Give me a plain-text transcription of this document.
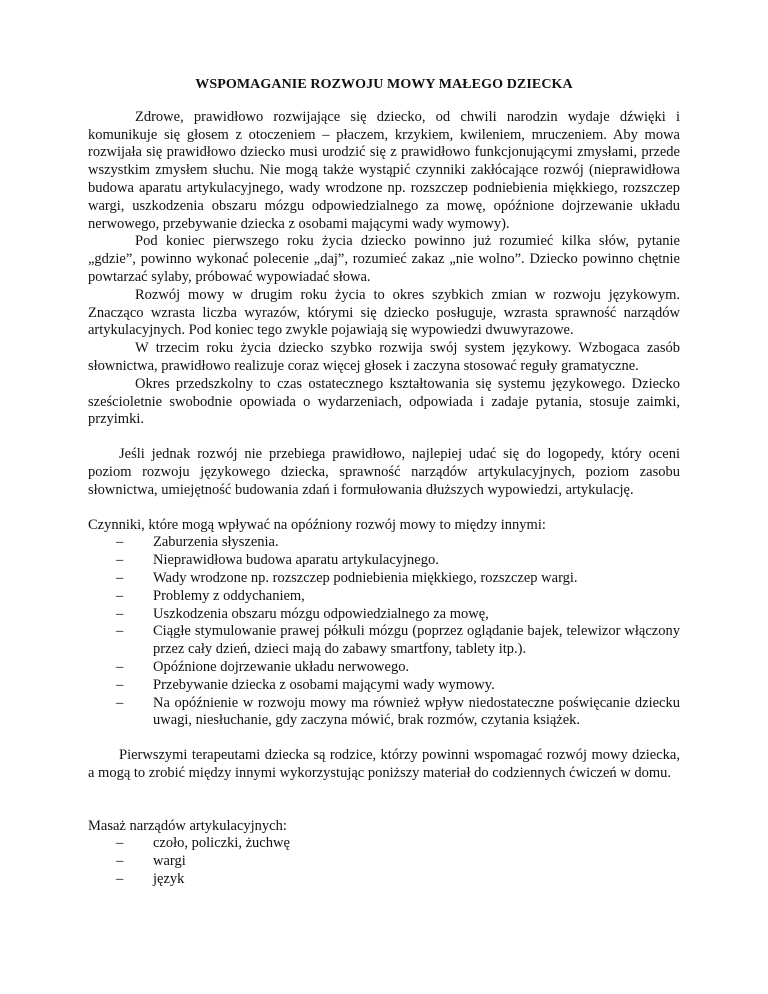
WSPOMAGANIE ROZWOJU MOWY MAŁEGO DZIECKA

Zdrowe, prawidłowo rozwijające się dziecko, od chwili narodzin wydaje dźwięki i komunikuje się głosem z otoczeniem – płaczem, krzykiem, kwileniem, mruczeniem. Aby mowa rozwijała się prawidłowo dziecko musi urodzić się z prawidłowo funkcjonującymi zmysłami, przede wszystkim zmysłem słuchu. Nie mogą także wystąpić czynniki zakłócające rozwój (nieprawidłowa budowa aparatu artykulacyjnego, wady wrodzone np. rozszczep podniebienia miękkiego, rozszczep wargi, uszkodzenia obszaru mózgu odpowiedzialnego za mowę, opóźnione dojrzewanie układu nerwowego, przebywanie dziecka z osobami mającymi wady wymowy).

Pod koniec pierwszego roku życia dziecko powinno już rozumieć kilka słów, pytanie „gdzie”, powinno wykonać polecenie „daj”, rozumieć zakaz „nie wolno”. Dziecko powinno chętnie powtarzać sylaby, próbować wypowiadać słowa.

Rozwój mowy w drugim roku życia to okres szybkich zmian w rozwoju językowym. Znacząco wzrasta liczba wyrazów, którymi się dziecko posługuje, wzrasta sprawność narządów artykulacyjnych. Pod koniec tego zwykle pojawiają się wypowiedzi dwuwyrazowe.

W trzecim roku życia dziecko szybko rozwija swój system językowy. Wzbogaca zasób słownictwa, prawidłowo realizuje coraz więcej głosek i zaczyna stosować reguły gramatyczne.

Okres przedszkolny to czas ostatecznego kształtowania się systemu językowego. Dziecko sześcioletnie swobodnie opowiada o wydarzeniach, odpowiada i zadaje pytania, stosuje zaimki, przyimki.

Jeśli jednak rozwój nie przebiega prawidłowo, najlepiej udać się do logopedy, który oceni poziom rozwoju językowego dziecka, sprawność narządów artykulacyjnych, poziom zasobu słownictwa, umiejętność budowania zdań i formułowania dłuższych wypowiedzi, artykulację.

Czynniki, które mogą wpływać na opóźniony rozwój mowy to między innymi:

–	Zaburzenia słyszenia.
–	Nieprawidłowa budowa aparatu artykulacyjnego.
–	Wady wrodzone np. rozszczep podniebienia miękkiego, rozszczep wargi.
–	Problemy z oddychaniem,
–	Uszkodzenia obszaru mózgu odpowiedzialnego za mowę,
–	Ciągłe stymulowanie prawej półkuli mózgu (poprzez oglądanie bajek, telewizor włączony przez cały dzień, dzieci mają do zabawy smartfony, tablety itp.).
–	Opóźnione dojrzewanie układu nerwowego.
–	Przebywanie dziecka z osobami mającymi wady wymowy.
–	Na opóźnienie w rozwoju mowy ma również wpływ niedostateczne poświęcanie dziecku uwagi, niesłuchanie, gdy zaczyna mówić, brak rozmów, czytania książek.

Pierwszymi terapeutami dziecka są rodzice, którzy powinni wspomagać rozwój mowy dziecka, a mogą to zrobić między innymi wykorzystując poniższy materiał do codziennych ćwiczeń w domu.

Masaż narządów artykulacyjnych:

–	czoło, policzki, żuchwę
–	wargi
–	język
